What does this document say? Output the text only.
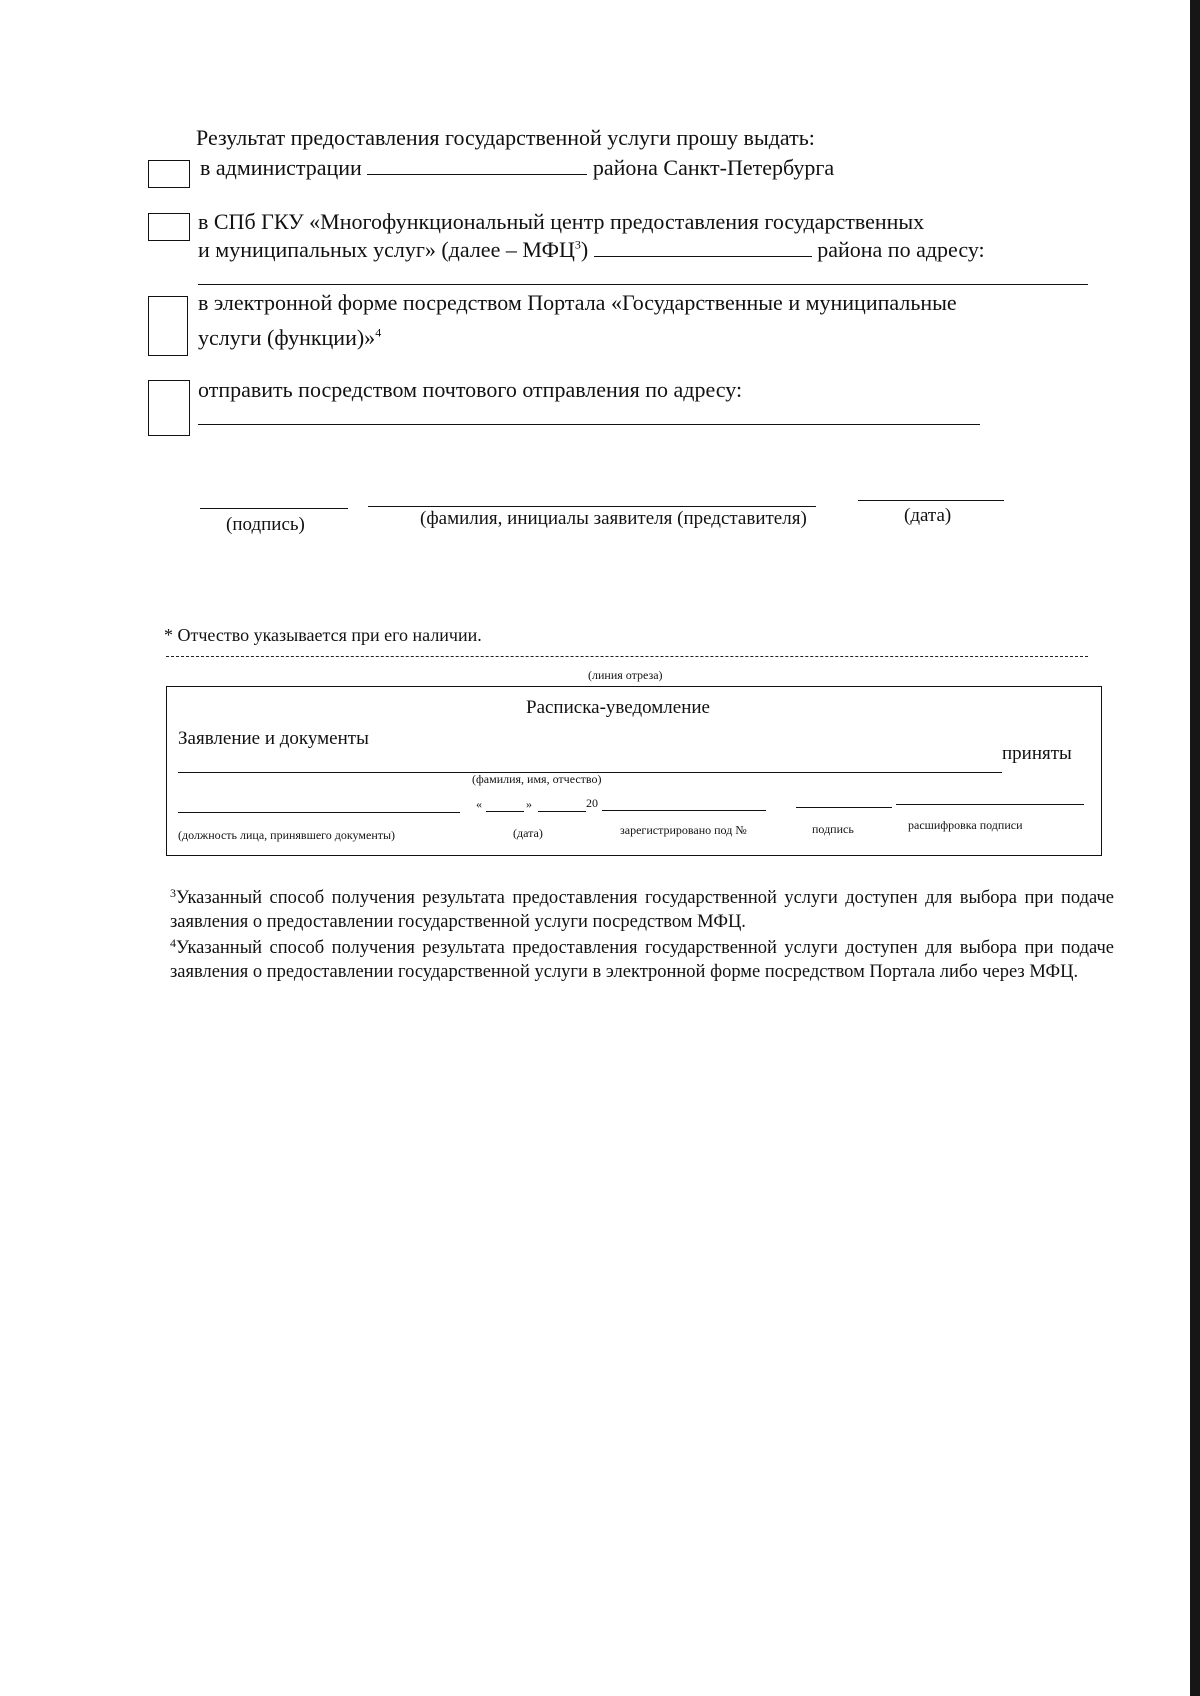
Результат предоставления государственной услуги прошу выдать:
в администрации	района Санкт-Петербурга
в СПб ГКУ «Многофункциональный центр предоставления государственных
и муниципальных услуг» (далее – МФЦ$^3$)	района по адресу:
в электронной форме посредством Портала «Государственные и муниципальные
услуги (функции)»$^4$
отправить посредством почтового отправления по адресу:
(подпись)	(фамилия, инициалы заявителя (представителя)	(дата)
* Отчество указывается при его наличии.
(линия отреза)
Расписка-уведомление
Заявление и документы
приняты
(фамилия, имя, отчество)
«	»	20
(должность лица, принявшего документы)	(дата)	зарегистрировано под №	подпись	расшифровка подписи
$^3$Указанный способ получения результата предоставления государственной услуги доступен для выбора при подаче заявления о предоставлении государственной услуги посредством МФЦ.
$^4$Указанный способ получения результата предоставления государственной услуги доступен для выбора при подаче заявления о предоставлении государственной услуги в электронной форме посредством Портала либо через МФЦ.
